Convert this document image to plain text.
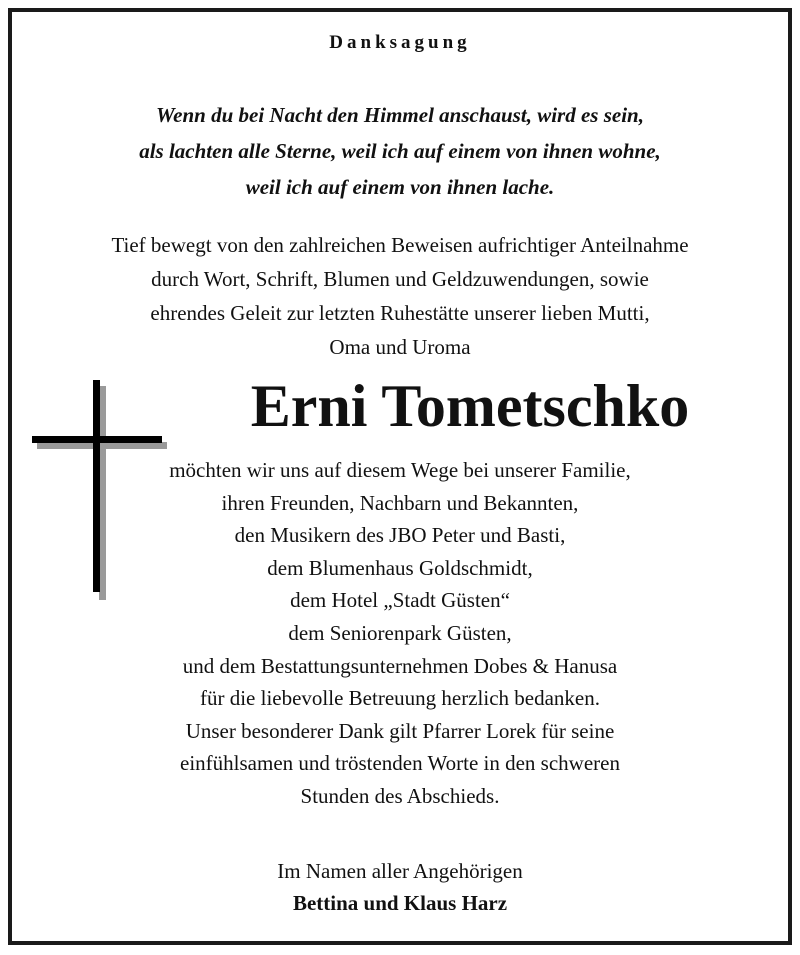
Danksagung
Wenn du bei Nacht den Himmel anschaust, wird es sein,
als lachten alle Sterne, weil ich auf einem von ihnen wohne,
weil ich auf einem von ihnen lache.
Tief bewegt von den zahlreichen Beweisen aufrichtiger Anteilnahme
durch Wort, Schrift, Blumen und Geldzuwendungen, sowie
ehrendes Geleit zur letzten Ruhestätte unserer lieben Mutti,
Oma und Uroma
Erni Tometschko
möchten wir uns auf diesem Wege bei unserer Familie,
ihren Freunden, Nachbarn und Bekannten,
den Musikern des JBO Peter und Basti,
dem Blumenhaus Goldschmidt,
dem Hotel „Stadt Güsten“
dem Seniorenpark Güsten,
und dem Bestattungsunternehmen Dobes & Hanusa
für die liebevolle Betreuung herzlich bedanken.
Unser besonderer Dank gilt Pfarrer Lorek für seine
einfühlsamen und tröstenden Worte in den schweren
Stunden des Abschieds.
Im Namen aller Angehörigen
Bettina und Klaus Harz
